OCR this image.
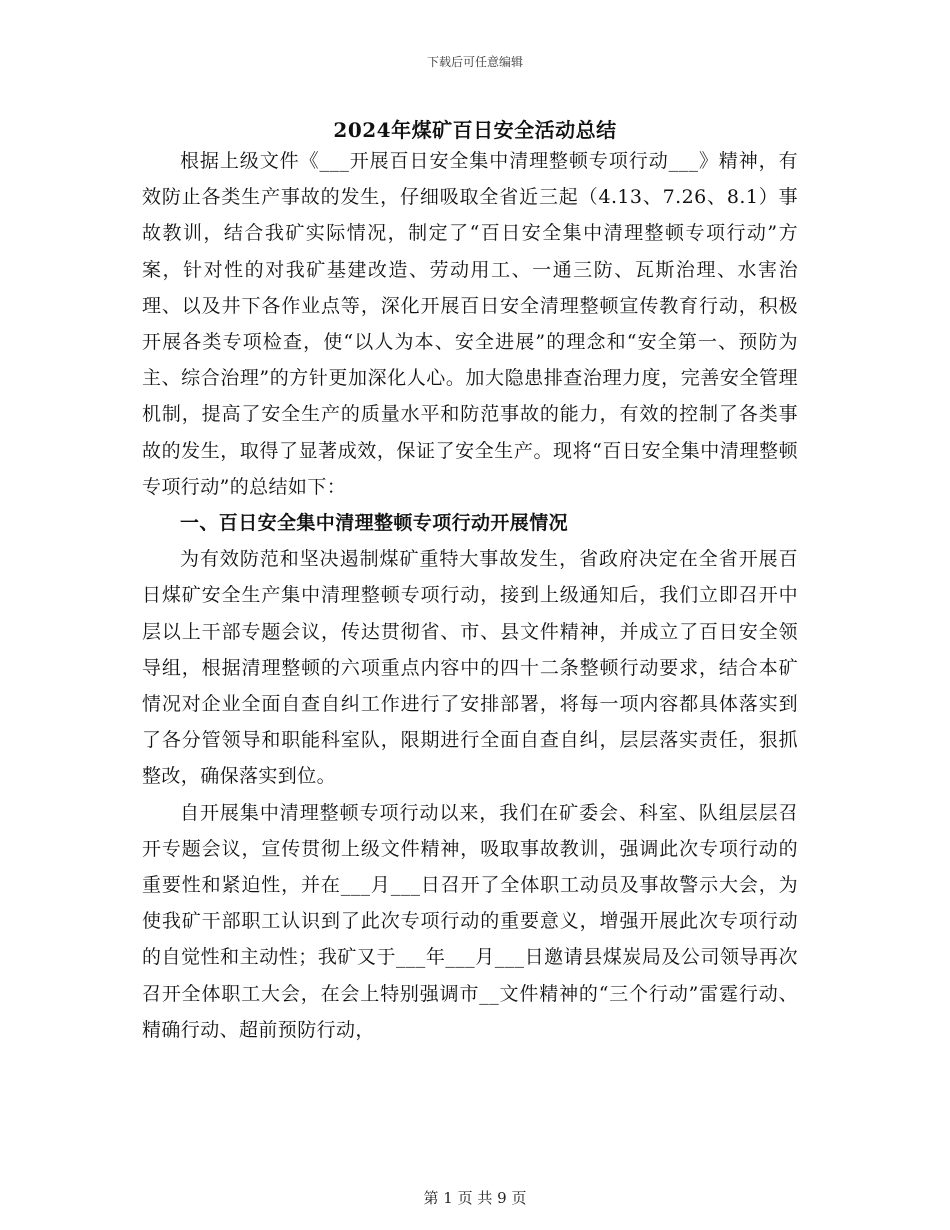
下载后可任意编辑
2024年煤矿百日安全活动总结

根据上级文件《___开展百日安全集中清理整顿专项行动___》精神，有效防止各类生产事故的发生，仔细吸取全省近三起（4.13、7.26、8.1）事故教训，结合我矿实际情况，制定了“百日安全集中清理整顿专项行动”方案，针对性的对我矿基建改造、劳动用工、一通三防、瓦斯治理、水害治理、以及井下各作业点等，深化开展百日安全清理整顿宣传教育行动，积极开展各类专项检查，使“以人为本、安全进展”的理念和“安全第一、预防为主、综合治理”的方针更加深化人心。加大隐患排查治理力度，完善安全管理机制，提高了安全生产的质量水平和防范事故的能力，有效的控制了各类事故的发生，取得了显著成效，保证了安全生产。现将“百日安全集中清理整顿专项行动”的总结如下：

一、百日安全集中清理整顿专项行动开展情况

为有效防范和坚决遏制煤矿重特大事故发生，省政府决定在全省开展百日煤矿安全生产集中清理整顿专项行动，接到上级通知后，我们立即召开中层以上干部专题会议，传达贯彻省、市、县文件精神，并成立了百日安全领导组，根据清理整顿的六项重点内容中的四十二条整顿行动要求，结合本矿情况对企业全面自查自纠工作进行了安排部署，将每一项内容都具体落实到了各分管领导和职能科室队，限期进行全面自查自纠，层层落实责任，狠抓整改，确保落实到位。

自开展集中清理整顿专项行动以来，我们在矿委会、科室、队组层层召开专题会议，宣传贯彻上级文件精神，吸取事故教训，强调此次专项行动的重要性和紧迫性，并在___月___日召开了全体职工动员及事故警示大会，为使我矿干部职工认识到了此次专项行动的重要意义，增强开展此次专项行动的自觉性和主动性；我矿又于___年___月___日邀请县煤炭局及公司领导再次召开全体职工大会，在会上特别强调市__文件精神的“三个行动”雷霆行动、精确行动、超前预防行动，

第 1 页 共 9 页
